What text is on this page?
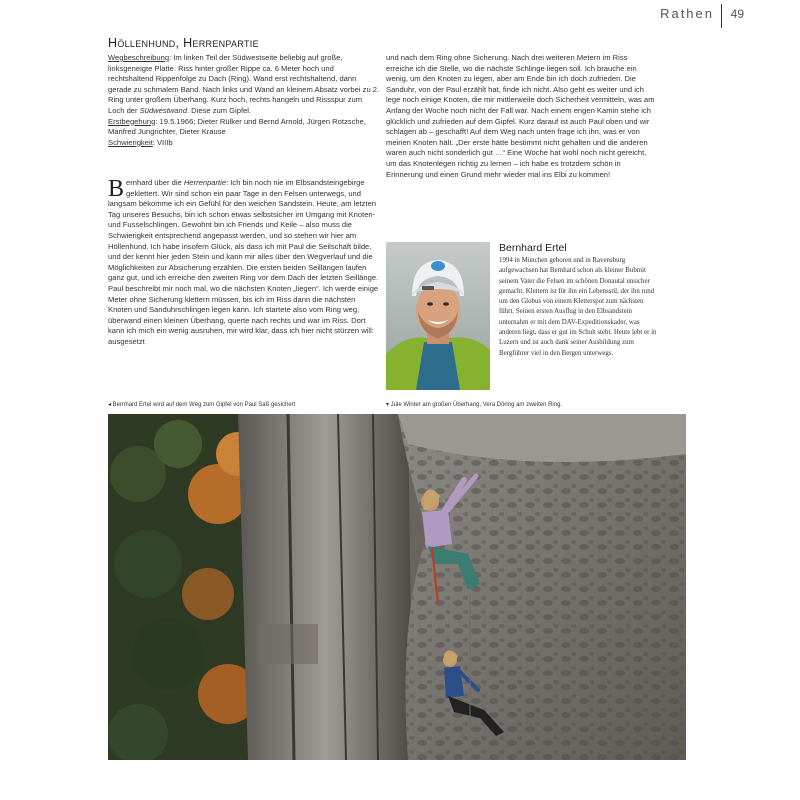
Rathen 49
Höllenhund, Herrenpartie

Wegbeschreibung: Im linken Teil der Südwestseite beliebig auf große, linksgeneigte Platte. Riss hinter großer Rippe ca. 6 Meter hoch und rechtshaltend Rippenfolge zu Dach (Ring). Wand erst rechtshaltend, dann gerade zu schmalem Band. Nach links und Wand an kleinem Absatz vorbei zu 2. Ring unter großem Überhang. Kurz hoch, rechts hangeln und Rissspur zum Loch der Südwestwand. Diese zum Gipfel.

Erstbegehung: 19.5.1966; Dieter Rülker und Bernd Arnold, Jürgen Rotzsche, Manfred Jungrichter, Dieter Krause

Schwierigkeit: VIIIb

Bernhard über die Herrenpartie: Ich bin noch nie im Elbsandsteingebirge geklettert. Wir sind schon ein paar Tage in den Felsen unterwegs, und langsam bekomme ich ein Gefühl für den weichen Sandstein. Heute, am letzten Tag unseres Besuchs, bin ich schon etwas selbstsicher im Umgang mit Knoten- und Fusselschlingen. Gewohnt bin ich Friends und Keile – also muss die Schwierigkeit entsprechend angepasst werden, und so stehen wir hier am Höllenhund. Ich habe insofern Glück, als dass ich mit Paul die Seilschaft bilde, und der kennt hier jeden Stein und kann mir alles über den Wegverlauf und die Möglichkeiten zur Absicherung erzählen. Die ersten beiden Seillängen laufen ganz gut, und ich erreiche den zweiten Ring vor dem Dach der letzten Seillänge. Paul beschreibt mir noch mal, wo die nächsten Knoten „liegen“. Ich werde einige Meter ohne Sicherung klettern müssen, bis ich im Riss dann die nächsten Knoten und Sanduhrschlingen legen kann. Ich startete also vom Ring weg, überwand einen kleinen Überhang, querte nach rechts und war im Riss. Dort kann ich mich ein wenig ausruhen, mir wird klar, dass ich hier nicht stürzen will: ausgesetzt
und nach dem Ring ohne Sicherung. Nach drei weiteren Metern im Riss erreiche ich die Stelle, wo die nächste Schlinge liegen soll. Ich brauche ein wenig, um den Knoten zu legen, aber am Ende bin ich doch zufrieden. Die Sanduhr, von der Paul erzählt hat, finde ich nicht. Also geht es weiter und ich lege noch einige Knoten, die mir mittlerweile doch Sicherheit vermitteln, was am Anfang der Woche noch nicht der Fall war. Nach einem engen Kamin stehe ich glücklich und zufrieden auf dem Gipfel. Kurz darauf ist auch Paul oben und wir schlagen ab – geschafft! Auf dem Weg nach unten frage ich ihn, was er von meinen Knoten hält. „Der erste hätte bestimmt nicht gehalten und die anderen waren auch nicht sonderlich gut …“ Eine Woche hat wohl noch nicht gereicht, um das Knotenlegen richtig zu lernen – ich habe es trotzdem schön in Erinnerung und einen Grund mehr wieder mal ins Elbi zu kommen!
Bernhard Ertel
1994 in München geboren und in Ravensburg aufgewachsen hat Bernhard schon als kleiner Bubmit seinem Vater die Felsen im schönen Donautal unsicher gemacht. Klettern ist für ihn ein Lebensstil, der ihn rund um den Globus von einem Kletterspot zum nächsten führt. Seinen ersten Ausflug in den Elbsandstein unternahm er mit dem DAV-Expeditionskader, was anderen liegt, dass er gut im Schuh steht. Heute lebt er in Luzern und ist auch dank seiner Ausbildung zum Bergführer viel in den Bergen unterwegs.
◂ Bernhard Ertel wird auf dem Weg zum Gipfel von Paul Saß gesichert	▾ Jule Winter am großen Überhang, Vera Döring am zweiten Ring.
